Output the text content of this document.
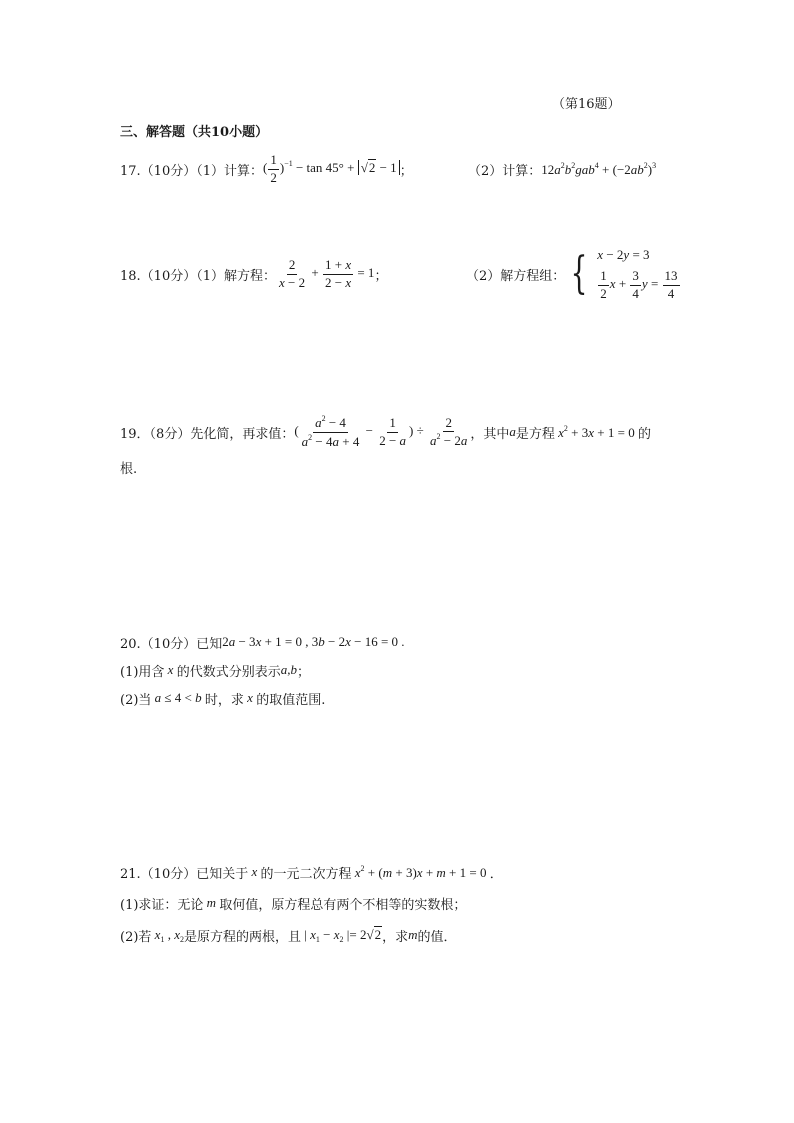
（第16题）
三、解答题（共10小题）
17.（10分）（1）计算： ( $\frac{1}{2} )^{-1} - \tan 45^\circ + √2 - 1$ ；	（2）计算： $12a^2b^2gab^4 + (-2ab^2)^3$
18.（10分）（1）解方程： $\frac{2}{x - 2} + \frac{1 + x}{2 - x} = 1$ ；	（2）解方程组： { x − 2y = 3
$\frac{1}{2}$ $x + \frac{3}{4}$ $y = \frac{13}{4}$
19．（8分）先化简，再求值： ( $\frac{a^2 - 4}{a^2 - 4a + 4} - \frac{1}{2 - a}$ ) ÷ $\frac{2}{a^2 - 2a}$ ，其中 a 是方程 $x^2 + 3x + 1 = 0$ 的
根.
20.（10分）已知 2a − 3x + 1 = 0 , 3b − 2x − 16 = 0 .
(1)用含 x 的代数式分别表示 a , b ；
(2)当 a ≤ 4 < b 时，求 x 的取值范围.
21.（10分）已知关于 x 的一元二次方程 $x^2 + (m + 3)x + m + 1 = 0$ ．
(1)求证：无论 m 取何值，原方程总有两个不相等的实数根；
(2)若 $x_1$ , $x_2$ 是原方程的两根，且 | $x_1 - x_2$ |= 2√2 ，求 m 的值．
